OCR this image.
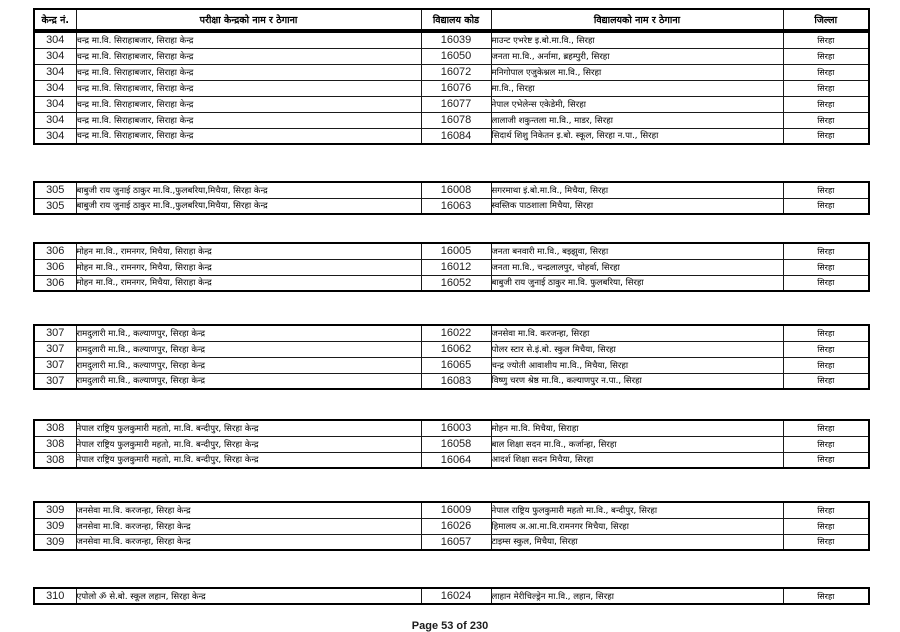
केन्द्र नं.	परीक्षा केन्द्रको नाम र ठेगाना	विद्यालय कोड	विद्यालयको नाम र ठेगाना	जिल्ला
304	चन्द्र मा.वि. सिराहाबजार, सिराहा केन्द्र	16039	माउन्ट एभरेष्ट इ.बो.मा.वि., सिरहा	सिरहा
304	चन्द्र मा.वि. सिराहाबजार, सिराहा केन्द्र	16050	जनता मा.वि., अर्नामा, ब्रहम्पुरी, सिरहा	सिरहा
304	चन्द्र मा.वि. सिराहाबजार, सिराहा केन्द्र	16072	मनिगोपाल एजुकेश्नल मा.वि., सिरहा	सिरहा
304	चन्द्र मा.वि. सिराहाबजार, सिराहा केन्द्र	16076	मा.वि., सिरहा	सिरहा
304	चन्द्र मा.वि. सिराहाबजार, सिराहा केन्द्र	16077	नेपाल एभेलेन्स एकेडेमी, सिरहा	सिरहा
304	चन्द्र मा.वि. सिराहाबजार, सिराहा केन्द्र	16078	लालाजी शकुन्तला मा.वि., माडर, सिरहा	सिरहा
304	चन्द्र मा.वि. सिराहाबजार, सिराहा केन्द्र	16084	सिदार्थ शिशु निकेतन इ.बो. स्कूल, सिरहा न.पा., सिरहा	सिरहा
305	बाबुजी राय जुनाई ठाकुर मा.वि.,फुलबरिया,मिचैया, सिरहा केन्द्र	16008	सगरमाथा इं.बो.मा.वि., मिचैया, सिरहा	सिरहा
305	बाबुजी राय जुनाई ठाकुर मा.वि.,फुलबरिया,मिचैया, सिरहा केन्द्र	16063	स्वस्तिक पाठशाला मिचैया, सिरहा	सिरहा
306	मोहन मा.वि., रामनगर, मिचैया, सिराहा केन्द्र	16005	जनता बनवारी मा.वि., बझ्झुवा, सिरहा	सिरहा
306	मोहन मा.वि., रामनगर, मिचैया, सिराहा केन्द्र	16012	जनता मा.वि., चन्द्रलालपुर, चोहर्वा, सिरहा	सिरहा
306	मोहन मा.वि., रामनगर, मिचैया, सिराहा केन्द्र	16052	बाबुजी राय जुनाई ठाकुर मा.वि. फुलबरिया, सिरहा	सिरहा
307	रामदुलारी मा.वि., कल्याणपुर, सिरहा केन्द्र	16022	जनसेवा मा.वि. करजन्हा, सिरहा	सिरहा
307	रामदुलारी मा.वि., कल्याणपुर, सिरहा केन्द्र	16062	पोलर स्टार से.इं.बो. स्कुल मिचैया, सिरहा	सिरहा
307	रामदुलारी मा.वि., कल्याणपुर, सिरहा केन्द्र	16065	चन्द्र ज्योती आवाशीय मा.वि., मिचैया, सिरहा	सिरहा
307	रामदुलारी मा.वि., कल्याणपुर, सिरहा केन्द्र	16083	विष्णु चरण श्रेष्ठ मा.वि., कल्याणपुर न.पा., सिरहा	सिरहा
308	नेपाल राष्ट्रिय फुलकुमारी महतो, मा.वि. बन्दीपुर, सिरहा केन्द्र	16003	मोहन मा.वि. मिचैया, सिराहा	सिरहा
308	नेपाल राष्ट्रिय फुलकुमारी महतो, मा.वि. बन्दीपुर, सिरहा केन्द्र	16058	बाल शिक्षा सदन मा.वि., कर्जान्हा, सिरहा	सिरहा
308	नेपाल राष्ट्रिय फुलकुमारी महतो, मा.वि. बन्दीपुर, सिरहा केन्द्र	16064	आदर्श शिक्षा सदन मिचैया, सिरहा	सिरहा
309	जनसेवा मा.वि. करजन्हा, सिरहा केन्द्र	16009	नेपाल राष्ट्रिय फुलकुमारी महतो मा.वि., बन्दीपुर, सिरहा	सिरहा
309	जनसेवा मा.वि. करजन्हा, सिरहा केन्द्र	16026	हिमालय अ.आ.मा.वि.रामनगर मिचैया, सिरहा	सिरहा
309	जनसेवा मा.वि. करजन्हा, सिरहा केन्द्र	16057	टाइम्स स्कुल, मिचैया, सिरहा	सिरहा
310	एपोलो ॐ से.बो. स्कूल लहान, सिरहा केन्द्र	16024	लाहान मेरीचिल्ड्रेन मा.वि., लहान, सिरहा	सिरहा
Page 53 of 230
